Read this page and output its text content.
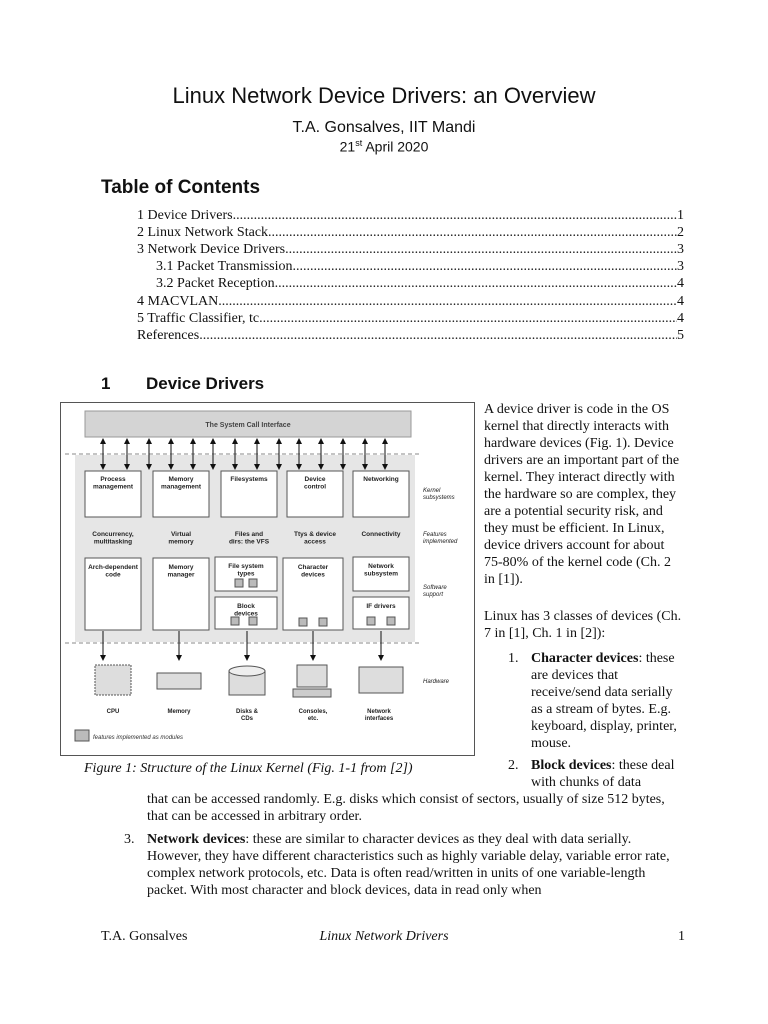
Linux Network Device Drivers: an Overview
T.A. Gonsalves, IIT Mandi
21st April 2020
Table of Contents
1 Device Drivers .....	1
2 Linux Network Stack .....	2
3 Network Device Drivers .....	3
3.1 Packet Transmission .....	3
3.2 Packet Reception .....	4
4 MACVLAN .....	4
5 Traffic Classifier, tc .....	4
References .....	5
1 Device Drivers
The System Call Interface
Process management
Memory management
Filesystems	Device control
Networking
Concurrency, multitasking
Virtual memory
Files and dirs: the VFS
Ttys & device access
Connectivity
Arch-dependent code
Memory manager
File system types
Block devices
Character devices
Network subsystem
IF drivers
Kernel subsystems
Features implemented
Software support
Hardware
CPU	Memory	Disks & CDs
Consoles, etc.
Network interfaces
features implemented as modules
Figure 1: Structure of the Linux Kernel (Fig. 1-1 from [2])
A device driver is code in the OS kernel that directly interacts with hardware devices (Fig. 1). Device drivers are an important part of the kernel. They interact directly with the hardware so are complex, they are a potential security risk, and they must be efficient. In Linux, device drivers account for about 75-80% of the kernel code (Ch. 2 in [1]).
Linux has 3 classes of devices (Ch. 7 in [1], Ch. 1 in [2]):
1. Character devices: these are devices that receive/send data serially as a stream of bytes. E.g. keyboard, display, printer, mouse.
2. Block devices: these deal with chunks of data
that can be accessed randomly. E.g. disks which consist of sectors, usually of size 512 bytes, that can be accessed in arbitrary order.
3. Network devices: these are similar to character devices as they deal with data serially. However, they have different characteristics such as highly variable delay, variable error rate, complex network protocols, etc. Data is often read/written in units of one variable-length packet. With most character and block devices, data in read only when
T.A. Gonsalves	Linux Network Drivers	1
